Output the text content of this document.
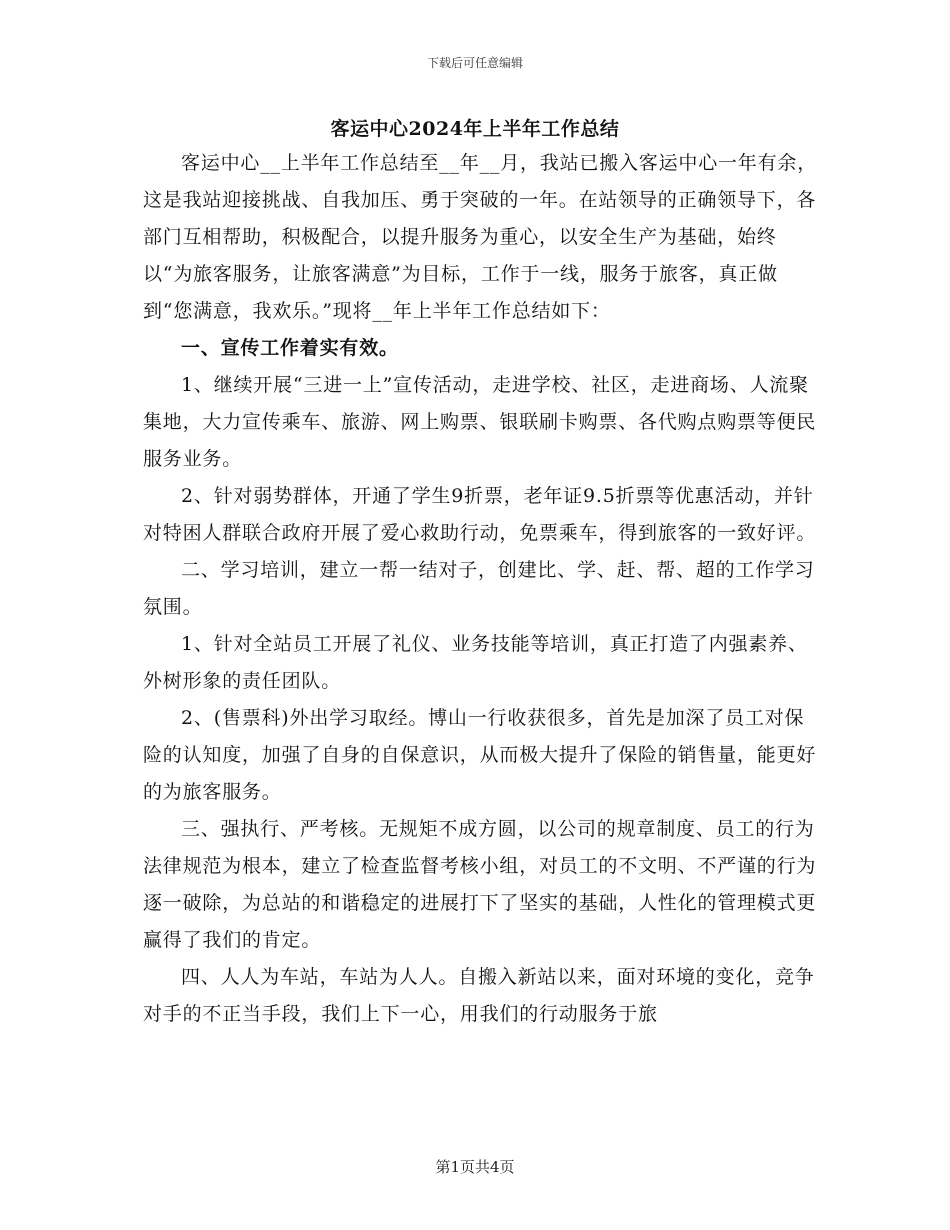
下载后可任意编辑
客运中心2024年上半年工作总结

客运中心__上半年工作总结至__年__月，我站已搬入客运中心一年有余，这是我站迎接挑战、自我加压、勇于突破的一年。在站领导的正确领导下，各部门互相帮助，积极配合，以提升服务为重心，以安全生产为基础，始终以“为旅客服务，让旅客满意”为目标，工作于一线，服务于旅客，真正做到“您满意，我欢乐。”现将__年上半年工作总结如下：

一、宣传工作着实有效。

1、继续开展“三进一上”宣传活动，走进学校、社区，走进商场、人流聚集地，大力宣传乘车、旅游、网上购票、银联刷卡购票、各代购点购票等便民服务业务。

2、针对弱势群体，开通了学生9折票，老年证9.5折票等优惠活动，并针对特困人群联合政府开展了爱心救助行动，免票乘车，得到旅客的一致好评。

二、学习培训，建立一帮一结对子，创建比、学、赶、帮、超的工作学习氛围。

1、针对全站员工开展了礼仪、业务技能等培训，真正打造了内强素养、外树形象的责任团队。

2、(售票科)外出学习取经。博山一行收获很多，首先是加深了员工对保险的认知度，加强了自身的自保意识，从而极大提升了保险的销售量，能更好的为旅客服务。

三、强执行、严考核。无规矩不成方圆，以公司的规章制度、员工的行为法律规范为根本，建立了检查监督考核小组，对员工的不文明、不严谨的行为逐一破除，为总站的和谐稳定的进展打下了坚实的基础，人性化的管理模式更赢得了我们的肯定。

四、人人为车站，车站为人人。自搬入新站以来，面对环境的变化，竞争对手的不正当手段，我们上下一心，用我们的行动服务于旅

第1页共4页
